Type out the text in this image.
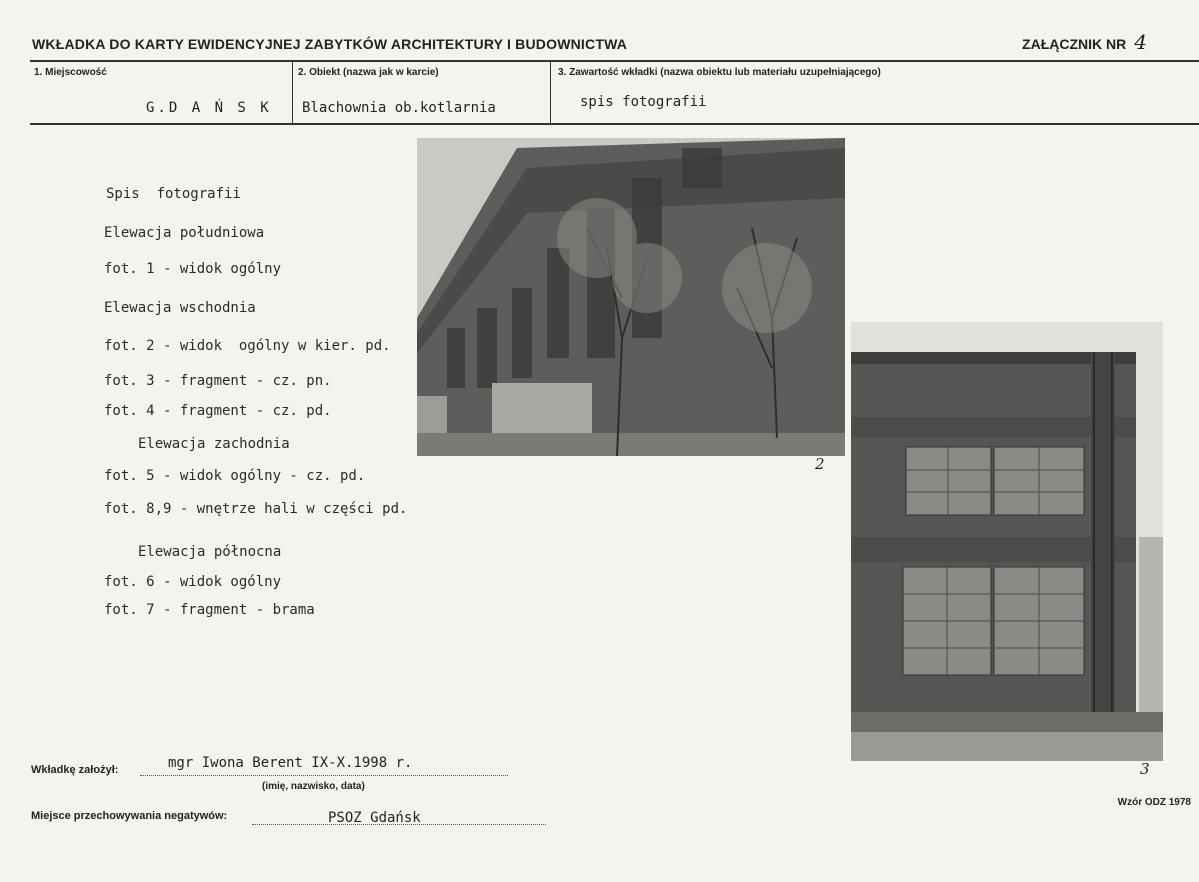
WKŁADKA DO KARTY EWIDENCYJNEJ ZABYTKÓW ARCHITEKTURY I BUDOWNICTWA	ZAŁĄCZNIK NR 4
1. Miejscowość
G.D A Ń S K
2. Obiekt (nazwa jak w karcie)
Blachownia ob.kotlarnia
3. Zawartość wkładki (nazwa obiektu lub materiału uzupełniającego)
spis fotografii
Spis  fotografii
Elewacja południowa
fot. 1 - widok ogólny
Elewacja wschodnia
fot. 2 - widok  ogólny w kier. pd.
fot. 3 - fragment - cz. pn.
fot. 4 - fragment - cz. pd.
Elewacja zachodnia
fot. 5 - widok ogólny - cz. pd.
fot. 8,9 - wnętrze hali w części pd.
Elewacja północna
fot. 6 - widok ogólny
fot. 7 - fragment - brama
2
3
Wkładkę założył:	mgr Iwona Berent IX-X.1998 r.
(imię, nazwisko, data)
Miejsce przechowywania negatywów:	PSOZ Gdańsk
Wzór ODZ 1978
